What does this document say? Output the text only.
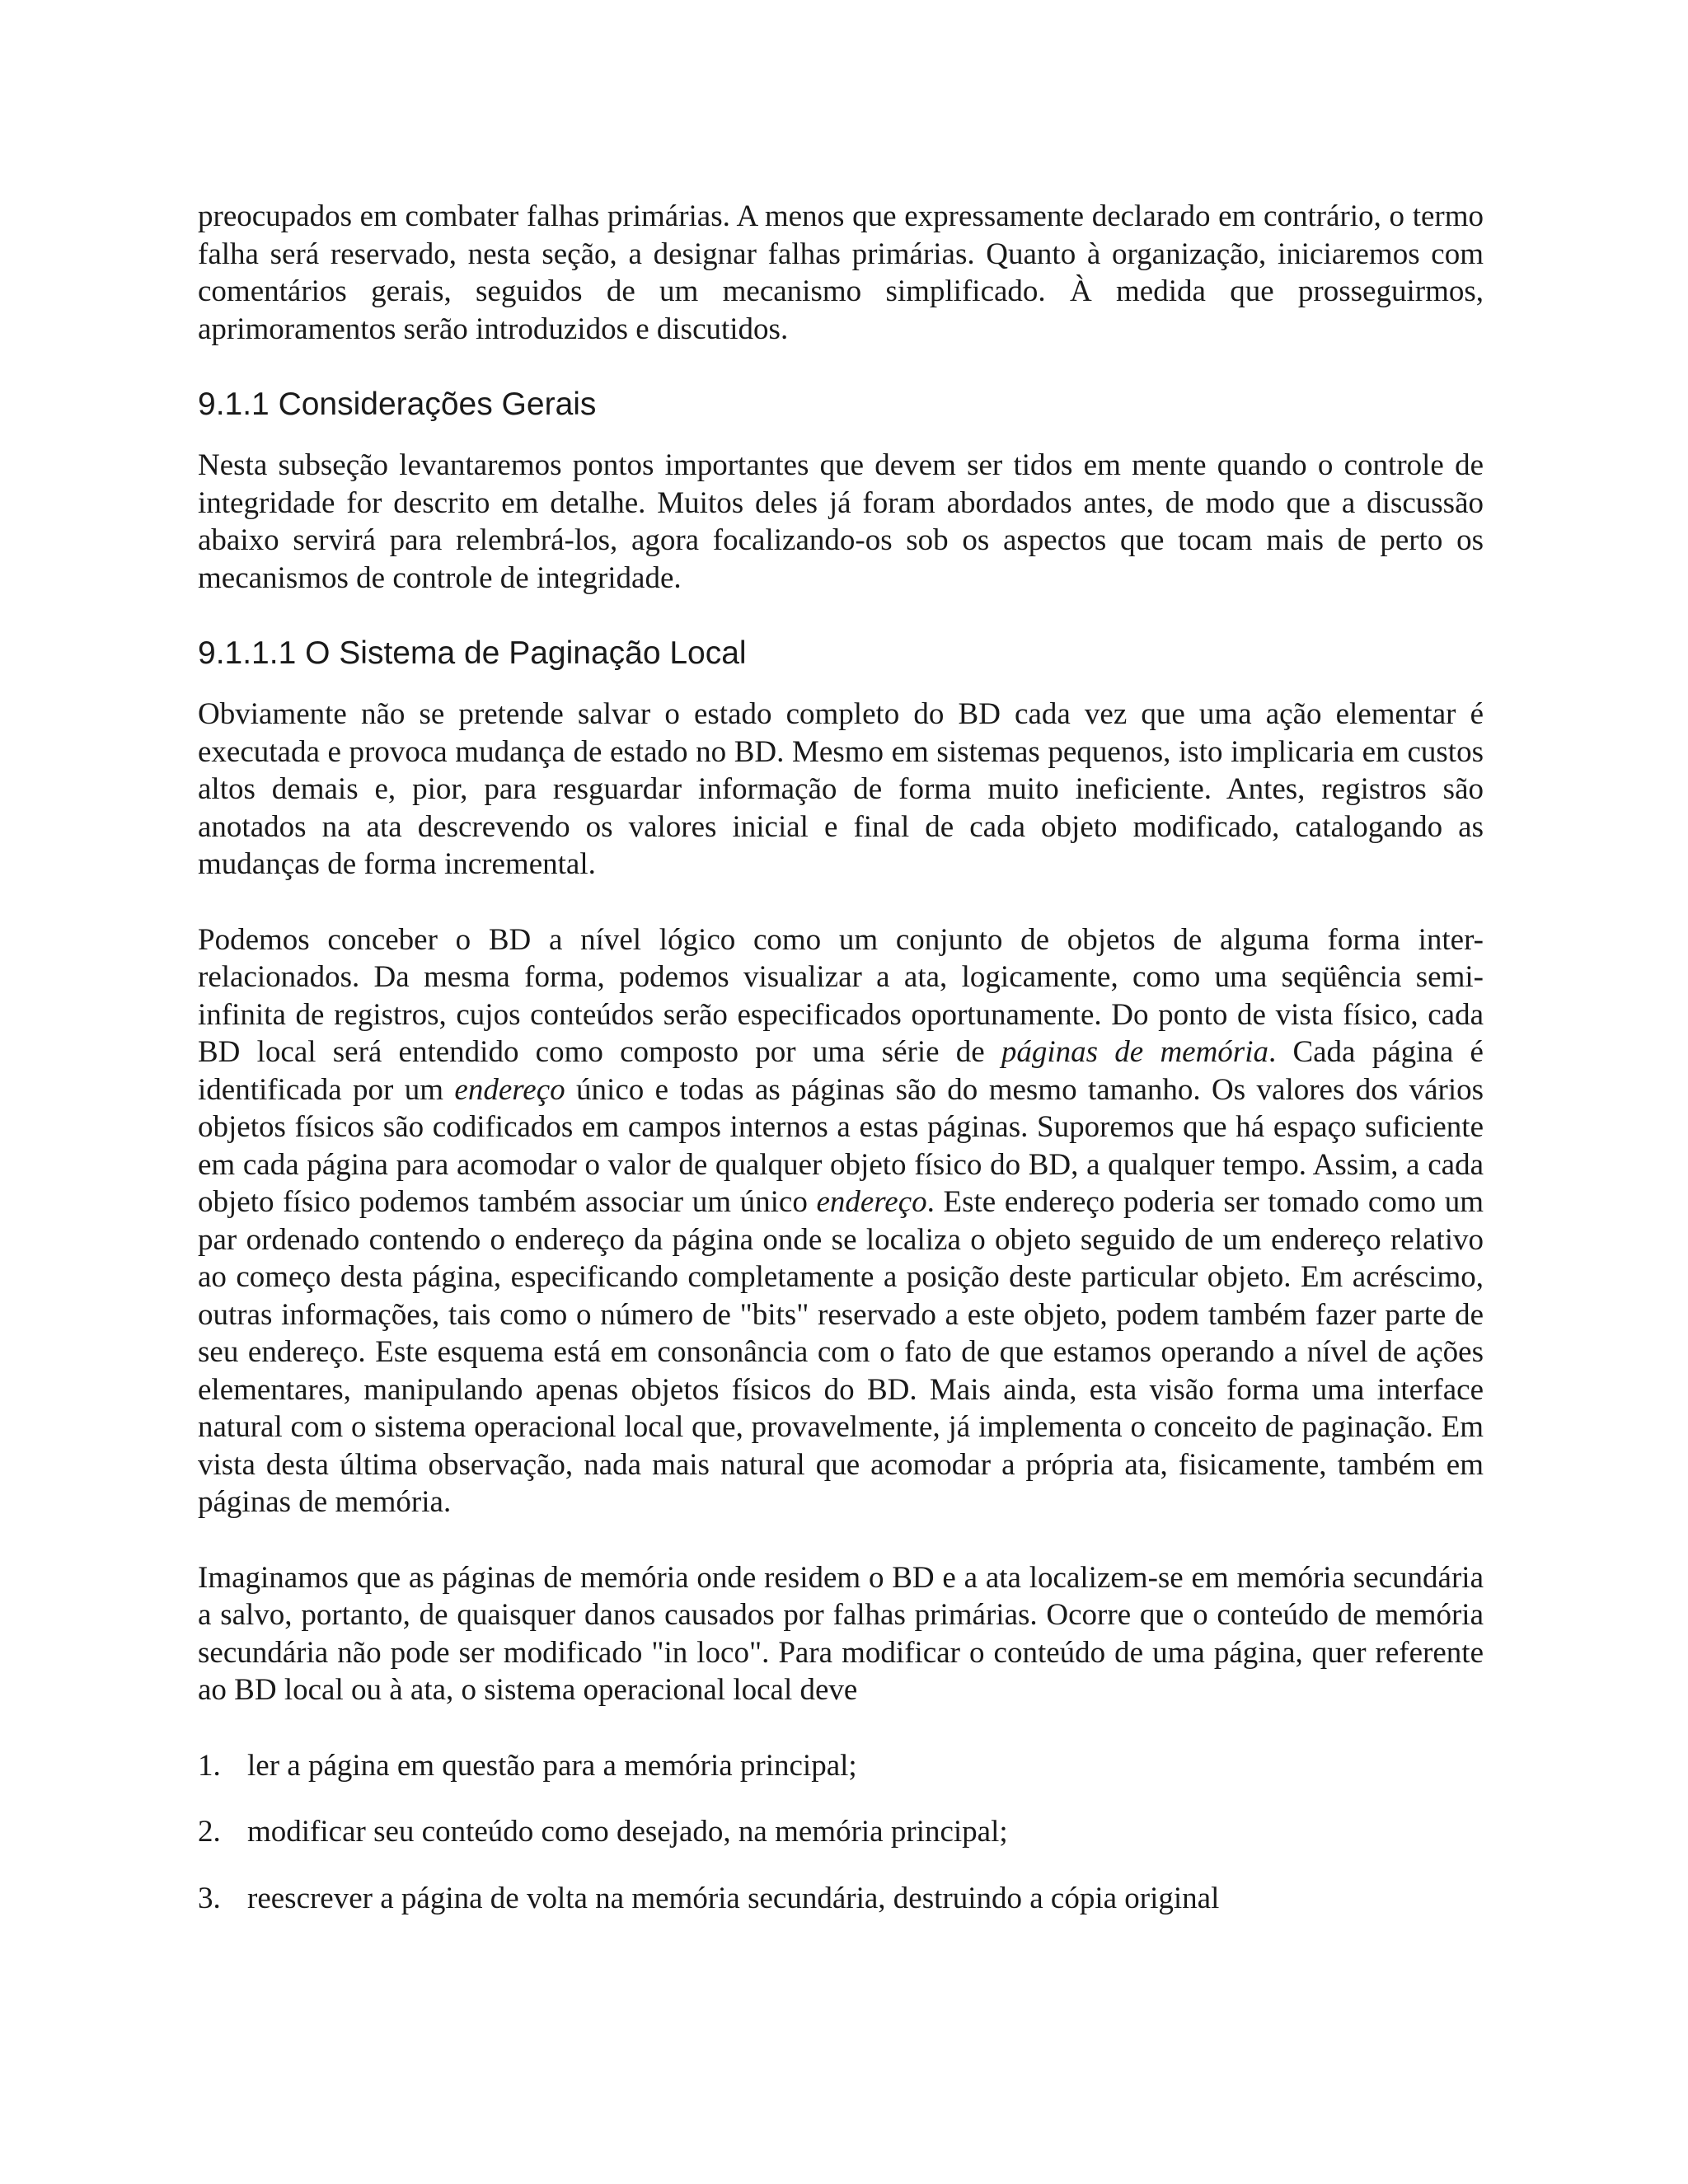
preocupados em combater falhas primárias. A menos que expressamente declarado em contrário, o termo falha será reservado, nesta seção, a designar falhas primárias. Quanto à organização, iniciaremos com comentários gerais, seguidos de um mecanismo simplificado. À medida que prosseguirmos, aprimoramentos serão introduzidos e discutidos.

9.1.1 Considerações Gerais

Nesta subseção levantaremos pontos importantes que devem ser tidos em mente quando o controle de integridade for descrito em detalhe. Muitos deles já foram abordados antes, de modo que a discussão abaixo servirá para relembrá-los, agora focalizando-os sob os aspectos que tocam mais de perto os mecanismos de controle de integridade.

9.1.1.1 O Sistema de Paginação Local

Obviamente não se pretende salvar o estado completo do BD cada vez que uma ação elementar é executada e provoca mudança de estado no BD. Mesmo em sistemas pequenos, isto implicaria em custos altos demais e, pior, para resguardar informação de forma muito ineficiente. Antes, registros são anotados na ata descrevendo os valores inicial e final de cada objeto modificado, catalogando as mudanças de forma incremental.

Podemos conceber o BD a nível lógico como um conjunto de objetos de alguma forma inter-relacionados. Da mesma forma, podemos visualizar a ata, logicamente, como uma seqüência semi-infinita de registros, cujos conteúdos serão especificados oportunamente. Do ponto de vista físico, cada BD local será entendido como composto por uma série de páginas de memória. Cada página é identificada por um endereço único e todas as páginas são do mesmo tamanho. Os valores dos vários objetos físicos são codificados em campos internos a estas páginas. Suporemos que há espaço suficiente em cada página para acomodar o valor de qualquer objeto físico do BD, a qualquer tempo. Assim, a cada objeto físico podemos também associar um único endereço. Este endereço poderia ser tomado como um par ordenado contendo o endereço da página onde se localiza o objeto seguido de um endereço relativo ao começo desta página, especificando completamente a posição deste particular objeto. Em acréscimo, outras informações, tais como o número de "bits" reservado a este objeto, podem também fazer parte de seu endereço. Este esquema está em consonância com o fato de que estamos operando a nível de ações elementares, manipulando apenas objetos físicos do BD. Mais ainda, esta visão forma uma interface natural com o sistema operacional local que, provavelmente, já implementa o conceito de paginação. Em vista desta última observação, nada mais natural que acomodar a própria ata, fisicamente, também em páginas de memória.

Imaginamos que as páginas de memória onde residem o BD e a ata localizem-se em memória secundária a salvo, portanto, de quaisquer danos causados por falhas primárias. Ocorre que o conteúdo de memória secundária não pode ser modificado "in loco". Para modificar o conteúdo de uma página, quer referente ao BD local ou à ata, o sistema operacional local deve

1. ler a página em questão para a memória principal;
2. modificar seu conteúdo como desejado, na memória principal;
3. reescrever a página de volta na memória secundária, destruindo a cópia original
